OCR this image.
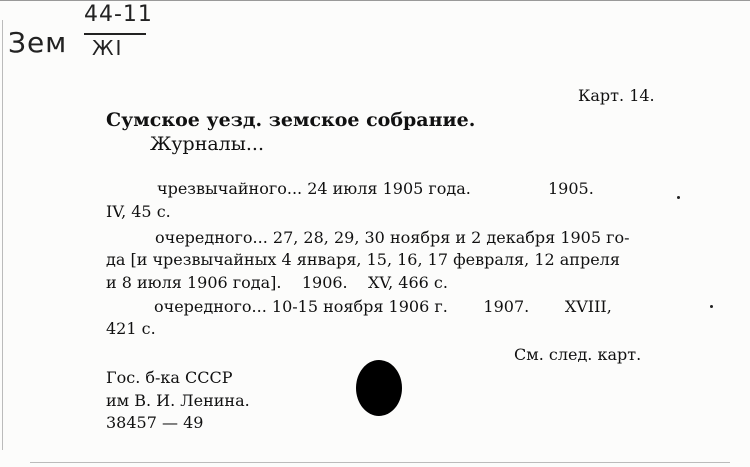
Зем
44-11
ЖІ
Карт. 14.
Сумское уезд. земское собрание.
Журналы...
чрезвычайного... 24 июля 1905 года.	1905.
IV, 45 с.
очередного... 27, 28, 29, 30 ноября и 2 декабря 1905 го-
да [и чрезвычайных 4 января, 15, 16, 17 февраля, 12 апреля
и 8 июля 1906 года].    1906.    XV, 466 с.
очередного... 10-15 ноября 1906 г.       1907.       XVIII,
421 с.
См. след. карт.
Гос. б-ка СССР
им В. И. Ленина.
38457 — 49
